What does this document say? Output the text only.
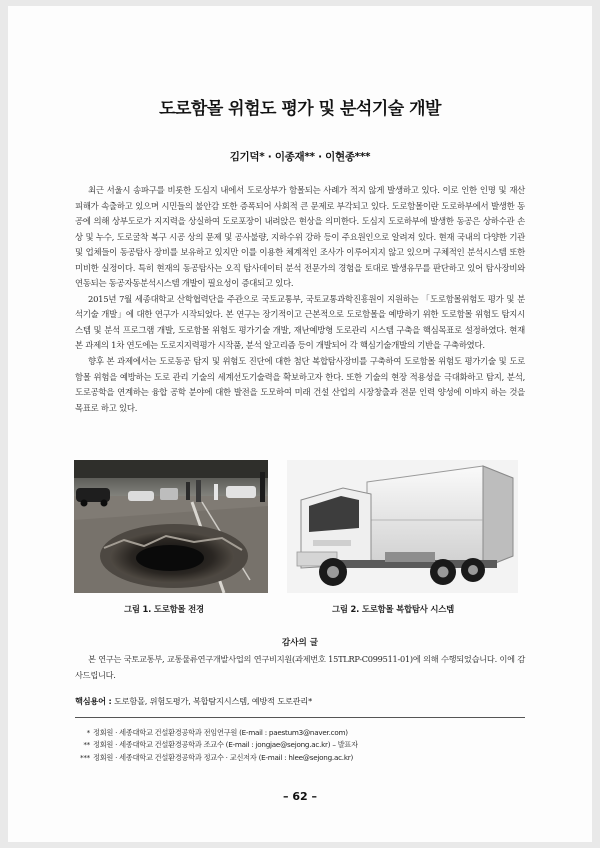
도로함몰 위험도 평가 및 분석기술 개발
김기덕* · 이종재** · 이현종***

최근 서울시 송파구를 비롯한 도심지 내에서 도로상부가 함몰되는 사례가 적지 않게 발생하고 있다. 이로 인한 인명 및 재산 피해가 속출하고 있으며 시민들의 불안감 또한 증폭되어 사회적 큰 문제로 부각되고 있다. 도로함몰이란 도로하부에서 발생한 동공에 의해 상부도로가 지지력을 상실하여 도로포장이 내려앉은 현상을 의미한다. 도심지 도로하부에 발생한 동공은 상하수관 손상 및 누수, 도로굴착 복구 시공 상의 문제 및 공사불량, 지하수위 강하 등이 주요원인으로 알려져 있다. 현재 국내의 다양한 기관 및 업체들이 동공탐사 장비를 보유하고 있지만 이를 이용한 체계적인 조사가 이루어지지 않고 있으며 구체적인 분석시스템 또한 미비한 실정이다. 특히 현재의 동공탐사는 오직 탐사데이터 분석 전문가의 경험을 토대로 발생유무를 판단하고 있어 탐사장비와 연동되는 동공자동분석시스템 개발이 필요성이 증대되고 있다.

2015년 7월 세종대학교 산학협력단을 주관으로 국토교통부, 국토교통과학진흥원이 지원하는 「도로함몰위험도 평가 및 분석기술 개발」에 대한 연구가 시작되었다. 본 연구는 장기적이고 근본적으로 도로함몰을 예방하기 위한 도로함몰 위험도 탐지시스템 및 분석 프로그램 개발, 도로함몰 위험도 평가기술 개발, 재난예방형 도로관리 시스템 구축을 핵심목표로 설정하였다. 현재 본 과제의 1차 연도에는 도로지지력평가 시작품, 분석 알고리즘 등이 개발되어 각 핵심기술개발의 기반을 구축하였다.

향후 본 과제에서는 도로동공 탐지 및 위험도 진단에 대한 첨단 복합탐사장비를 구축하여 도로함몰 위험도 평가기술 및 도로함몰 위험을 예방하는 도로 관리 기술의 세계선도기술력을 확보하고자 한다. 또한 기술의 현장 적용성을 극대화하고 탐지, 분석, 도로공학을 연계하는 융합 공학 분야에 대한 발전을 도모하여 미래 건설 산업의 시장창출과 전문 인력 양성에 이바지 하는 것을 목표로 하고 있다.

그림 1. 도로함몰 전경	그림 2. 도로함몰 복합탐사 시스템
감사의 글
본 연구는 국토교통부, 교통물류연구개발사업의 연구비지원(과제번호 15TLRP-C099511-01)에 의해 수행되었습니다. 이에 감사드립니다.
핵심용어 : 도로함몰, 위험도평가, 복합탐지시스템, 예방적 도로관리*
* 정회원 · 세종대학교 건설환경공학과 전임연구원 (E-mail : paestum3@naver.com)
** 정회원 · 세종대학교 건설환경공학과 조교수 (E-mail : jongjae@sejong.ac.kr) – 발표자
*** 정회원 · 세종대학교 건설환경공학과 정교수 · 교신저자 (E-mail : hlee@sejong.ac.kr)
– 62 –
